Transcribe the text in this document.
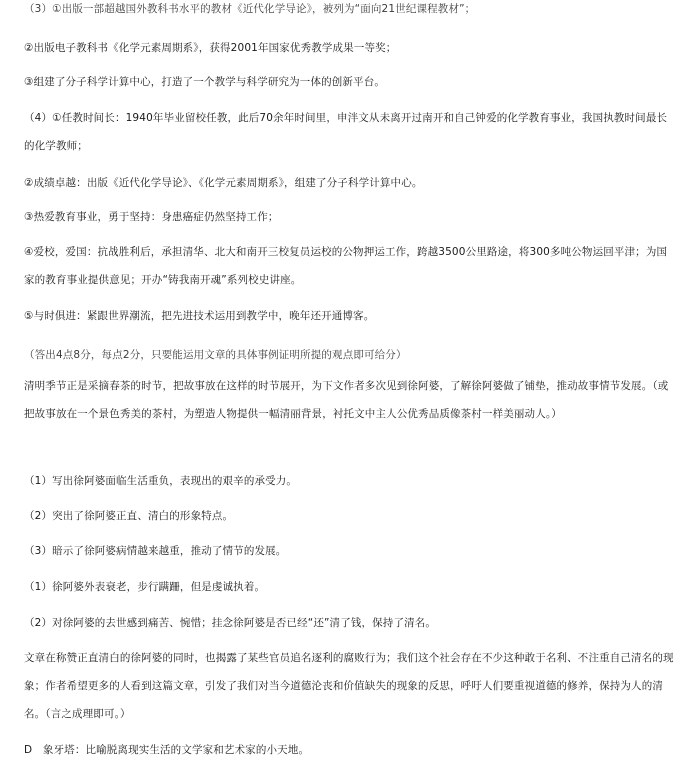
（3）①出版一部超越国外教科书水平的教材《近代化学导论》，被列为“面向21世纪课程教材”；
②出版电子教科书《化学元素周期系》，获得2001年国家优秀教学成果一等奖；
③组建了分子科学计算中心，打造了一个教学与科学研究为一体的创新平台。
（4）①任教时间长：1940年毕业留校任教，此后70余年时间里，申泮文从未离开过南开和自己钟爱的化学教育事业，我国执教时间最长的化学教师；
②成绩卓越：出版《近代化学导论》、《化学元素周期系》，组建了分子科学计算中心。
③热爱教育事业，勇于坚持：身患癌症仍然坚持工作；
④爱校，爱国：抗战胜利后，承担清华、北大和南开三校复员运校的公物押运工作，跨越3500公里路途，将300多吨公物运回平津；为国家的教育事业提供意见；开办“铸我南开魂”系列校史讲座。
⑤与时俱进：紧跟世界潮流，把先进技术运用到教学中，晚年还开通博客。
（答出4点8分，每点2分，只要能运用文章的具体事例证明所提的观点即可给分）
清明季节正是采摘春茶的时节，把故事放在这样的时节展开，为下文作者多次见到徐阿婆，了解徐阿婆做了铺垫，推动故事情节发展。（或把故事放在一个景色秀美的茶村，为塑造人物提供一幅清丽背景，衬托文中主人公优秀品质像茶村一样美丽动人。）
（1）写出徐阿婆面临生活重负，表现出的艰辛的承受力。
（2）突出了徐阿婆正直、清白的形象特点。
（3）暗示了徐阿婆病情越来越重，推动了情节的发展。
（1）徐阿婆外表衰老，步行蹒跚，但是虔诚执着。
（2）对徐阿婆的去世感到痛苦、惋惜；挂念徐阿婆是否已经“还”清了钱，保持了清名。
文章在称赞正直清白的徐阿婆的同时，也揭露了某些官员追名逐利的腐败行为；我们这个社会存在不少这种敢于名利、不注重自己清名的现象；作者希望更多的人看到这篇文章，引发了我们对当今道德沦丧和价值缺失的现象的反思，呼吁人们要重视道德的修养，保持为人的清名。（言之成理即可。）
D　象牙塔：比喻脱离现实生活的文学家和艺术家的小天地。
